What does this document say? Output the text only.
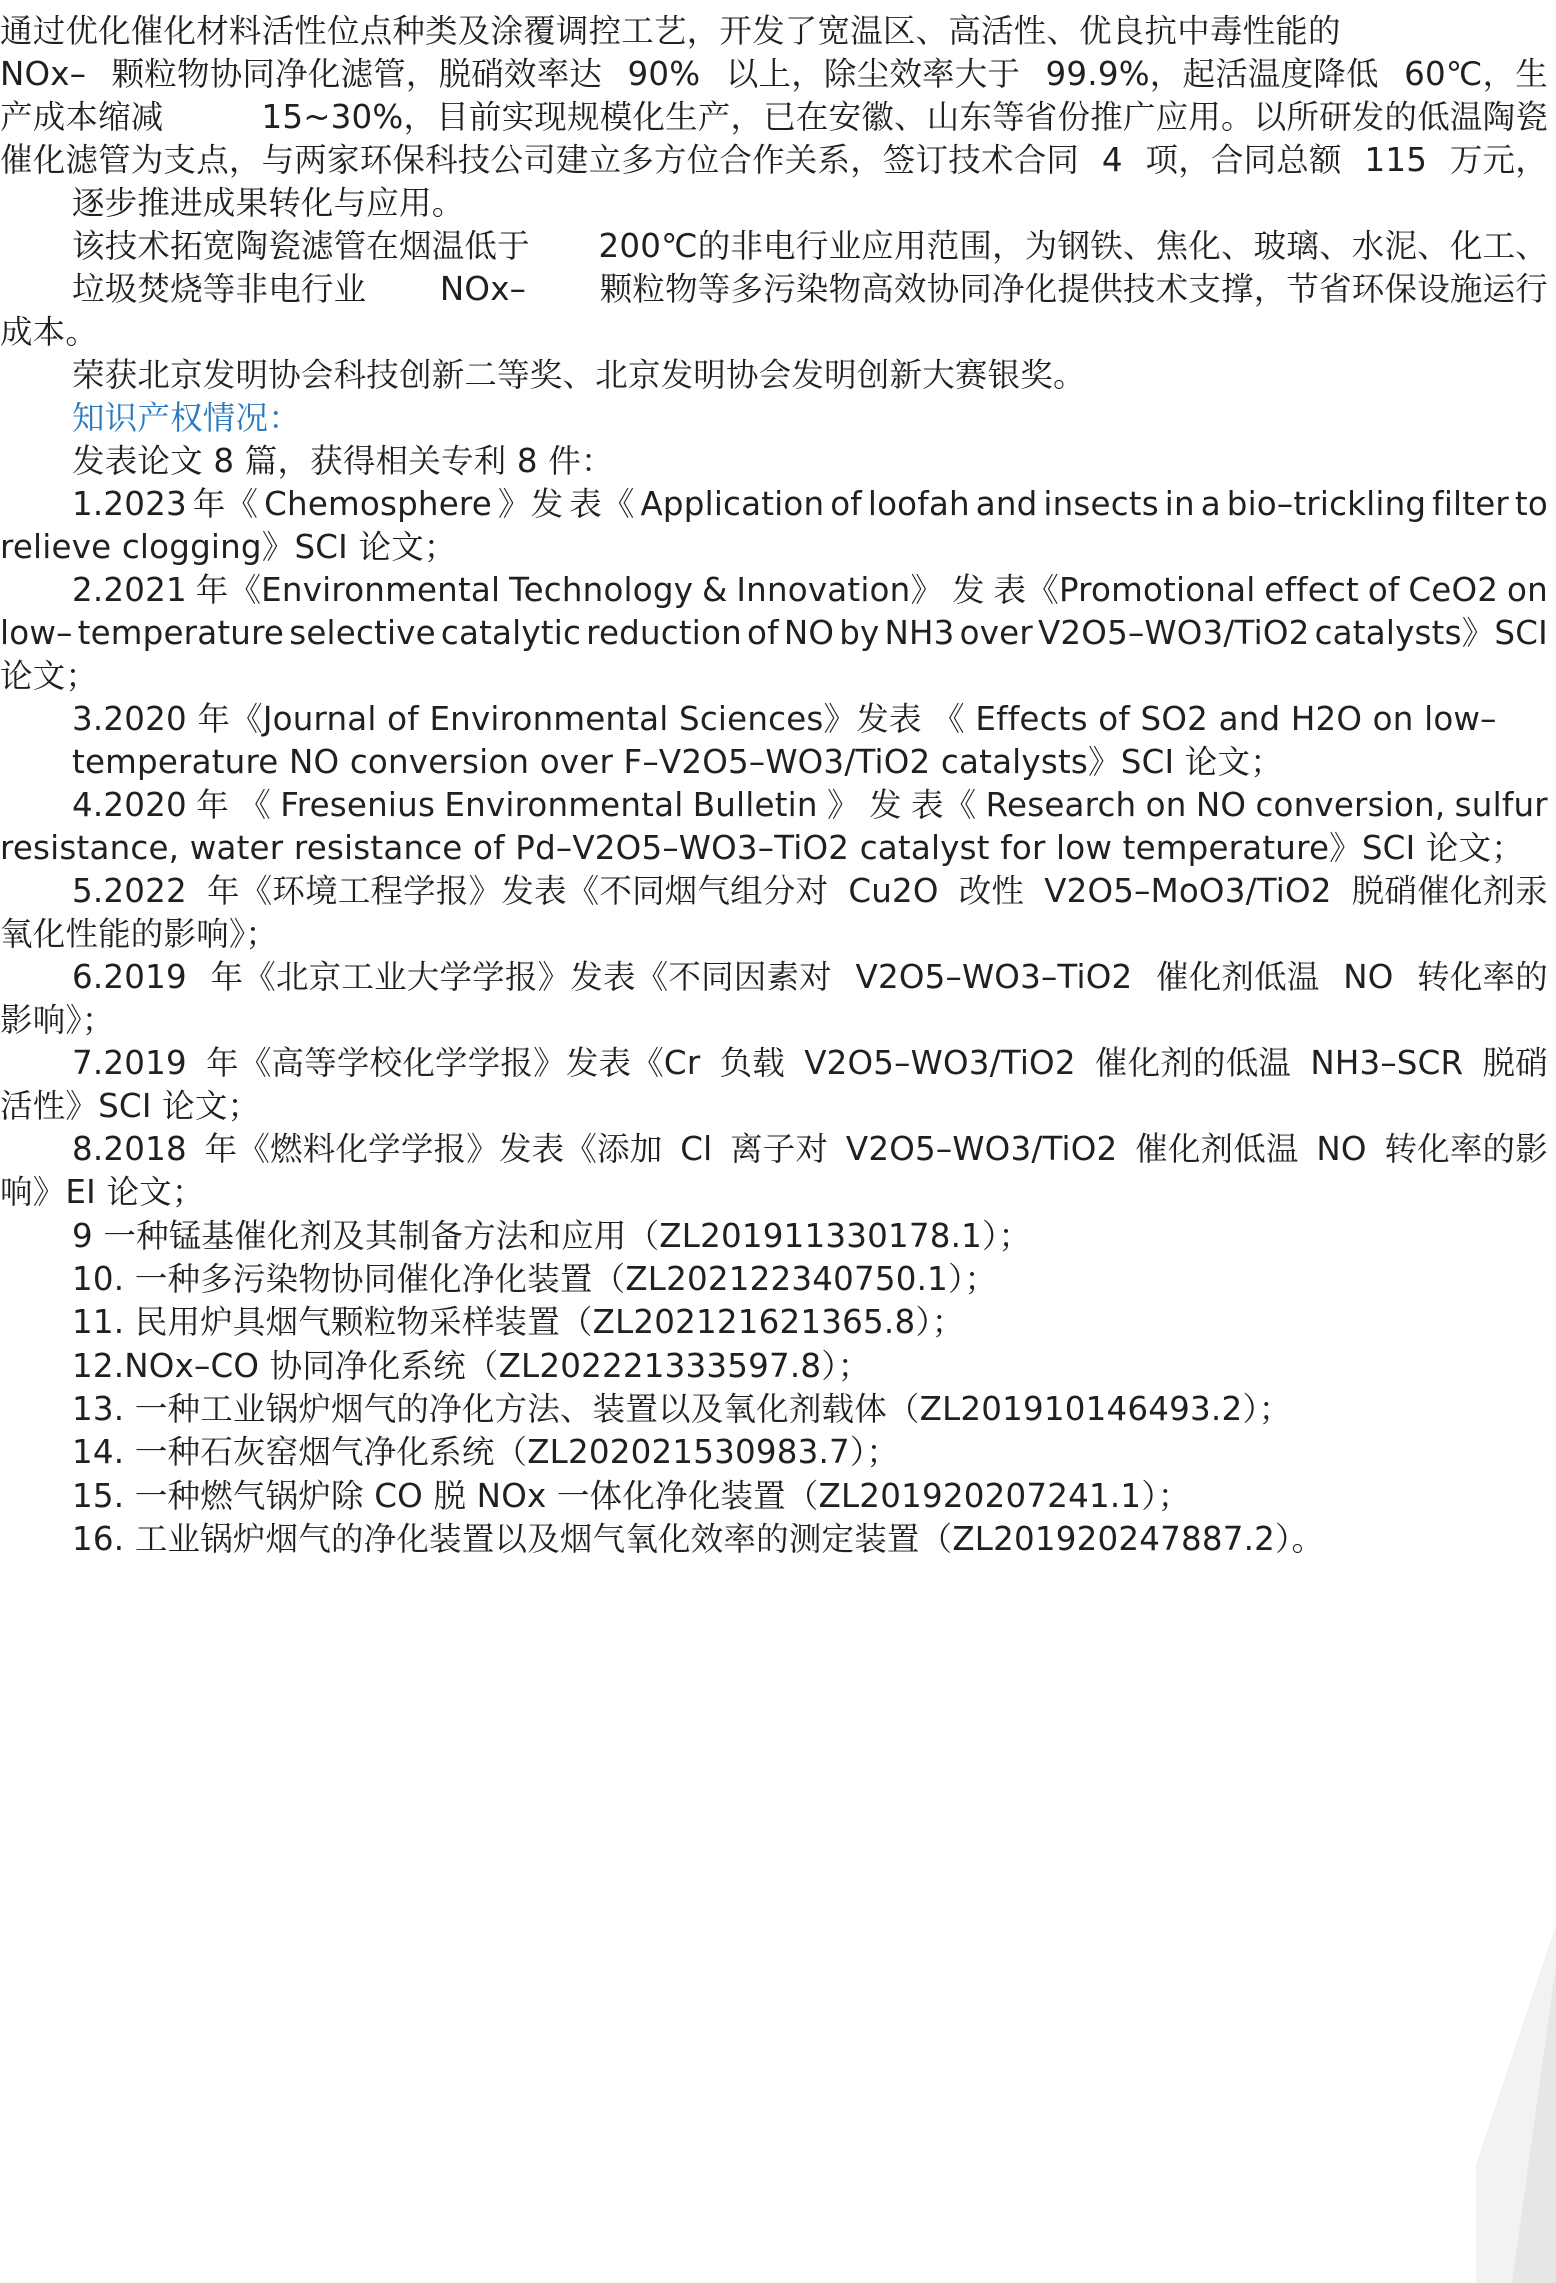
通过优化催化材料活性位点种类及涂覆调控工艺，开发了宽温区、高活性、优良抗中毒性能的
NOx– 颗粒物协同净化滤管，脱硝效率达 90% 以上，除尘效率大于 99.9%，起活温度降低 60℃，生
产成本缩减	15~30%，目前实现规模化生产，已在安徽、山东等省份推广应用。以所研发的低温陶瓷
催化滤管为支点，与两家环保科技公司建立多方位合作关系，签订技术合同 4 项，合同总额 115 万元，
逐步推进成果转化与应用。
该技术拓宽陶瓷滤管在烟温低于 200℃的非电行业应用范围，为钢铁、焦化、玻璃、水泥、化工、
垃圾焚烧等非电行业 NOx– 颗粒物等多污染物高效协同净化提供技术支撑，节省环保设施运行
成本。
荣获北京发明协会科技创新二等奖、北京发明协会发明创新大赛银奖。
知识产权情况：
发表论文 8 篇，获得相关专利 8 件：
1.2023 年《 Chemosphere 》发 表《 Application of loofah and insects in a bio–trickling filter to
relieve clogging》SCI 论文；
2.2021 年《Environmental Technology & Innovation》 发 表《Promotional effect of CeO2 on
low– temperature selective catalytic reduction of NO by NH3 over V2O5–WO3/TiO2 catalysts》SCI
论文；
3.2020 年《Journal of Environmental Sciences》发表 《 Effects of SO2 and H2O on low–
temperature NO conversion over F–V2O5–WO3/TiO2 catalysts》SCI 论文；
4.2020 年 《 Fresenius Environmental Bulletin 》 发 表《 Research on NO conversion, sulfur
resistance, water resistance of Pd–V2O5–WO3–TiO2 catalyst for low temperature》SCI 论文；
5.2022 年《环境工程学报》发表《不同烟气组分对 Cu2O 改性 V2O5–MoO3/TiO2 脱硝催化剂汞
氧化性能的影响》；
6.2019 年《北京工业大学学报》发表《不同因素对 V2O5–WO3–TiO2 催化剂低温 NO 转化率的
影响》；
7.2019 年《高等学校化学学报》发表《Cr 负载 V2O5–WO3/TiO2 催化剂的低温 NH3–SCR 脱硝
活性》SCI 论文；
8.2018 年《燃料化学学报》发表《添加 Cl 离子对 V2O5–WO3/TiO2 催化剂低温 NO 转化率的影
响》EI 论文；
9 一种锰基催化剂及其制备方法和应用（ZL201911330178.1）；
10. 一种多污染物协同催化净化装置（ZL202122340750.1）；
11. 民用炉具烟气颗粒物采样装置（ZL202121621365.8）；
12.NOx–CO 协同净化系统（ZL202221333597.8）；
13. 一种工业锅炉烟气的净化方法、装置以及氧化剂载体（ZL201910146493.2）；
14. 一种石灰窑烟气净化系统（ZL202021530983.7）；
15. 一种燃气锅炉除 CO 脱 NOx 一体化净化装置（ZL201920207241.1）；
16. 工业锅炉烟气的净化装置以及烟气氧化效率的测定装置（ZL201920247887.2）。
